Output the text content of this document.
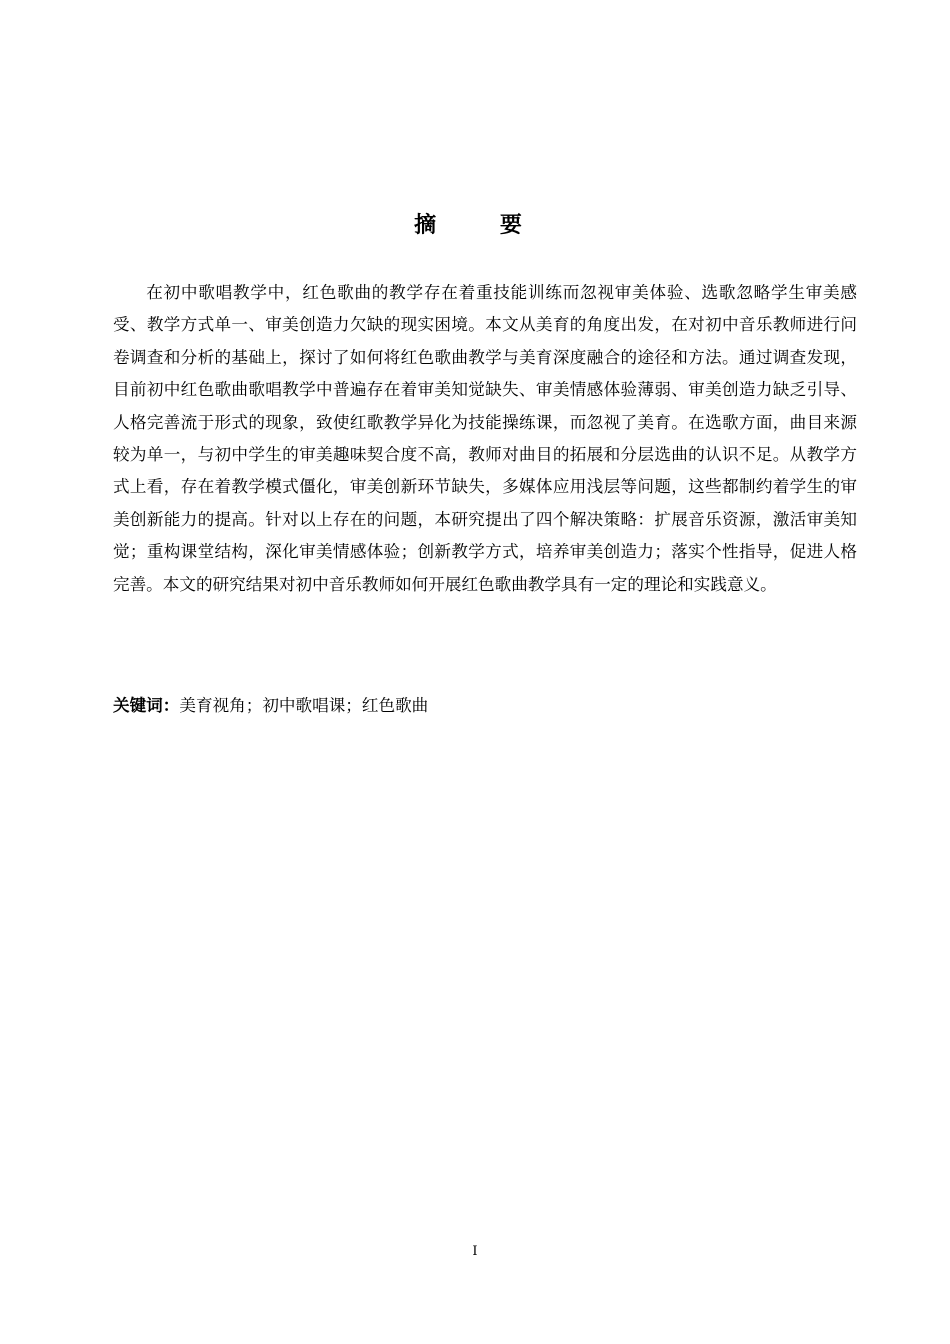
摘 要

在初中歌唱教学中，红色歌曲的教学存在着重技能训练而忽视审美体验、选歌忽略学生审美感受、教学方式单一、审美创造力欠缺的现实困境。本文从美育的角度出发，在对初中音乐教师进行问卷调查和分析的基础上，探讨了如何将红色歌曲教学与美育深度融合的途径和方法。通过调查发现，目前初中红色歌曲歌唱教学中普遍存在着审美知觉缺失、审美情感体验薄弱、审美创造力缺乏引导、人格完善流于形式的现象，致使红歌教学异化为技能操练课，而忽视了美育。在选歌方面，曲目来源较为单一，与初中学生的审美趣味契合度不高，教师对曲目的拓展和分层选曲的认识不足。从教学方式上看，存在着教学模式僵化，审美创新环节缺失，多媒体应用浅层等问题，这些都制约着学生的审美创新能力的提高。针对以上存在的问题，本研究提出了四个解决策略：扩展音乐资源，激活审美知觉；重构课堂结构，深化审美情感体验；创新教学方式，培养审美创造力；落实个性指导，促进人格完善。本文的研究结果对初中音乐教师如何开展红色歌曲教学具有一定的理论和实践意义。

关键词：美育视角；初中歌唱课；红色歌曲
I
